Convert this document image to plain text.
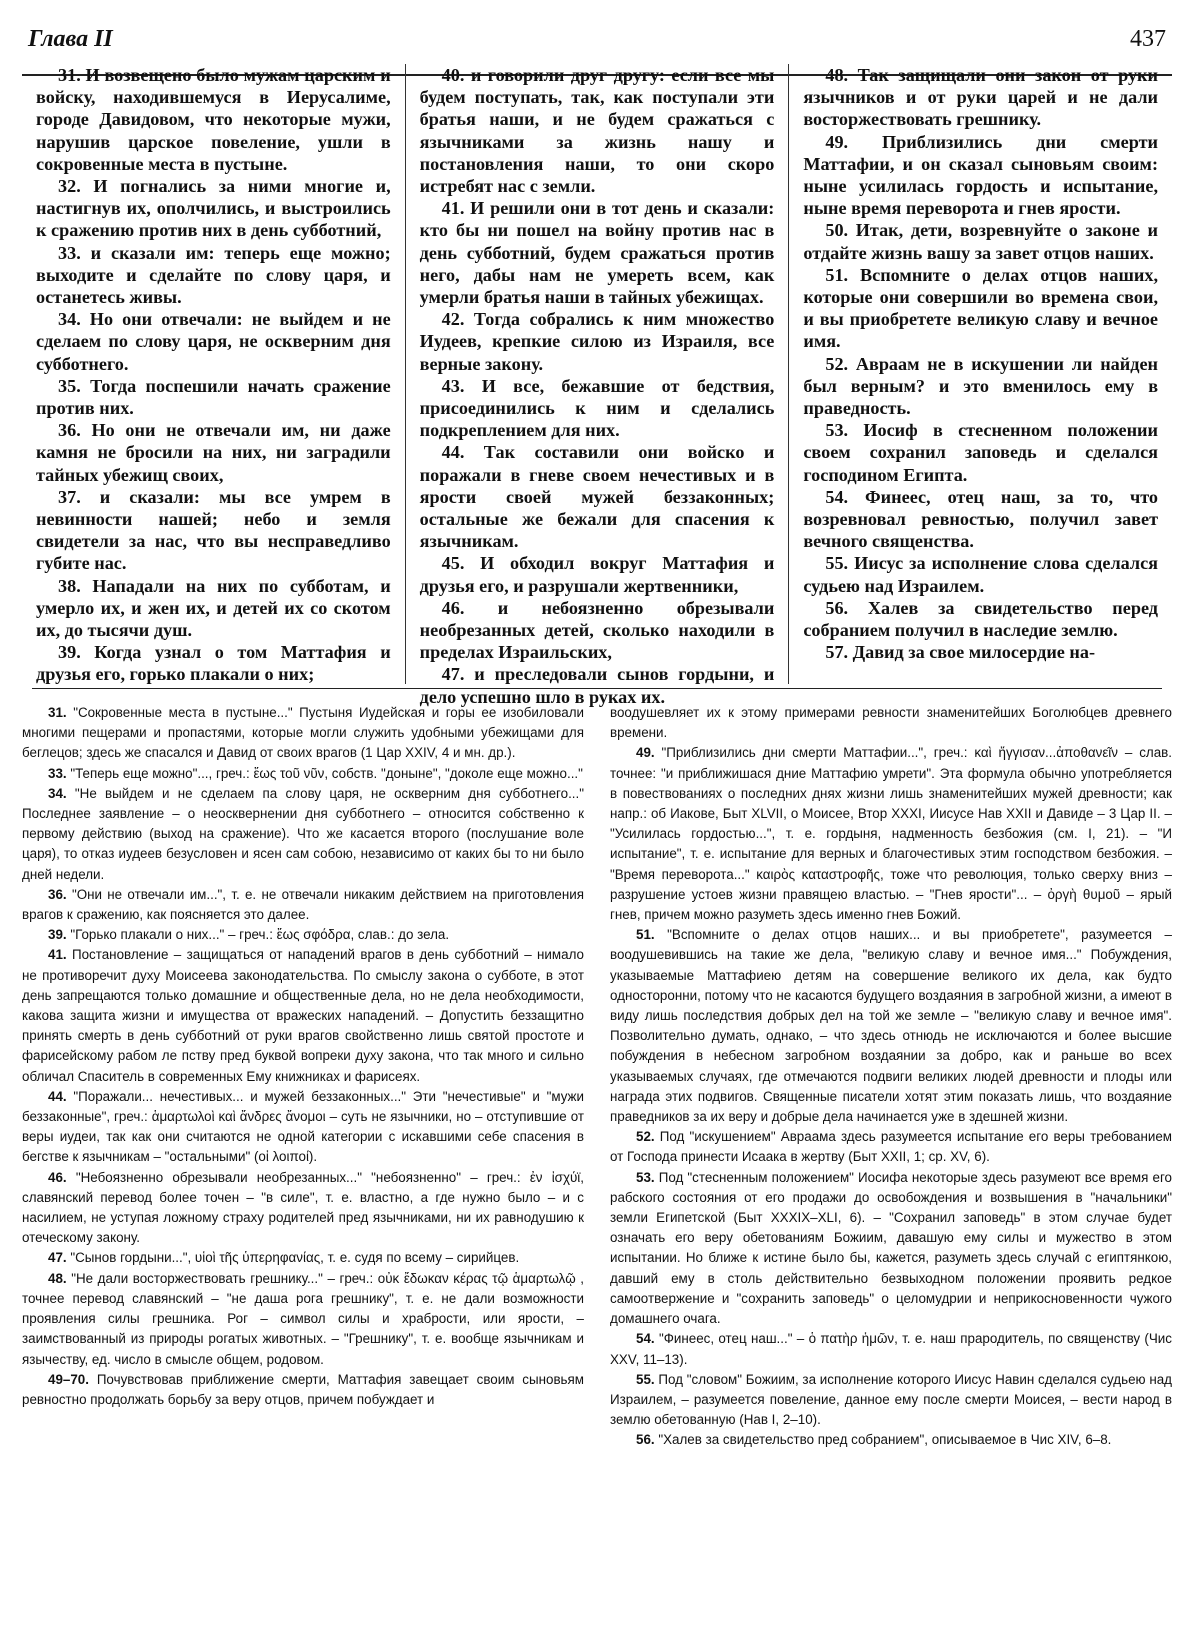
Глава II	437

31. И возвещено было мужам царским и войску, находившемуся в Иерусалиме, городе Давидовом, что некоторые мужи, нарушив царское повеление, ушли в сокровенные места в пустыне.

32. И погнались за ними многие и, настигнув их, ополчились, и выстроились к сражению против них в день субботний,

33. и сказали им: теперь еще можно; выходите и сделайте по слову царя, и останетесь живы.

34. Но они отвечали: не выйдем и не сделаем по слову царя, не оскверним дня субботнего.

35. Тогда поспешили начать сражение против них.

36. Но они не отвечали им, ни даже камня не бросили на них, ни заградили тайных убежищ своих,

37. и сказали: мы все умрем в невинности нашей; небо и земля свидетели за нас, что вы несправедливо губите нас.

38. Нападали на них по субботам, и умерло их, и жен их, и детей их со скотом их, до тысячи душ.

39. Когда узнал о том Маттафия и друзья его, горько плакали о них;

40. и говорили друг другу: если все мы будем поступать, так, как поступали эти братья наши, и не будем сражаться с язычниками за жизнь нашу и постановления наши, то они скоро истребят нас с земли.

41. И решили они в тот день и сказали: кто бы ни пошел на войну против нас в день субботний, будем сражаться против него, дабы нам не умереть всем, как умерли братья наши в тайных убежищах.

42. Тогда собрались к ним множество Иудеев, крепкие силою из Израиля, все верные закону.

43. И все, бежавшие от бедствия, присоединились к ним и сделались подкреплением для них.

44. Так составили они войско и поражали в гневе своем нечестивых и в ярости своей мужей беззаконных; остальные же бежали для спасения к язычникам.

45. И обходил вокруг Маттафия и друзья его, и разрушали жертвенники,

46. и небоязненно обрезывали необрезанных детей, сколько находили в пределах Израильских,

47. и преследовали сынов гордыни, и дело успешно шло в руках их.

48. Так защищали они закон от руки язычников и от руки царей и не дали восторжествовать грешнику.

49. Приблизились дни смерти Маттафии, и он сказал сыновьям своим: ныне усилилась гордость и испытание, ныне время переворота и гнев ярости.

50. Итак, дети, возревнуйте о законе и отдайте жизнь вашу за завет отцов наших.

51. Вспомните о делах отцов наших, которые они совершили во времена свои, и вы приобретете великую славу и вечное имя.

52. Авраам не в искушении ли найден был верным? и это вменилось ему в праведность.

53. Иосиф в стесненном положении своем сохранил заповедь и сделался господином Египта.

54. Финеес, отец наш, за то, что возревновал ревностью, получил завет вечного священства.

55. Иисус за исполнение слова сделался судьею над Израилем.

56. Халев за свидетельство перед собранием получил в наследие землю.

57. Давид за свое милосердие на-

31. "Сокровенные места в пустыне..." Пустыня Иудейская и горы ее изобиловали многими пещерами и пропастями, которые могли служить удобными убежищами для беглецов; здесь же спасался и Давид от своих врагов (1 Цар XXIV, 4 и мн. др.).

33. "Теперь еще можно"..., греч.: ἕως τοῦ νῦν, собств. "доныне", "доколе еще можно..."

34. "Не выйдем и не сделаем па слову царя, не оскверним дня субботнего..." Последнее заявление – о неосквернении дня субботнего – относится собственно к первому действию (выход на сражение). Что же касается второго (послушание воле царя), то отказ иудеев безусловен и ясен сам собою, независимо от каких бы то ни было дней недели.

36. "Они не отвечали им...", т. е. не отвечали никаким действием на приготовления врагов к сражению, как поясняется это далее.

39. "Горько плакали о них..." – греч.: ἕως σφόδρα, слав.: до зела.

41. Постановление – защищаться от нападений врагов в день субботний – нимало не противоречит духу Моисеева законодательства. По смыслу закона о субботе, в этот день запрещаются только домашние и общественные дела, но не дела необходимости, какова защита жизни и имущества от вражеских нападений. – Допустить беззащитно принять смерть в день субботний от руки врагов свойственно лишь святой простоте и фарисейскому рабом ле пству пред буквой вопреки духу закона, что так много и сильно обличал Спаситель в современных Ему книжниках и фарисеях.

44. "Поражали... нечестивых... и мужей беззаконных..." Эти "нечестивые" и "мужи беззаконные", греч.: ἁμαρτωλοὶ καὶ ἄνδρες ἄνομοι – суть не язычники, но – отступившие от веры иудеи, так как они считаются не одной категории с искавшими себе спасения в бегстве к язычникам – "остальными" (οἱ λοιποί).

46. "Небоязненно обрезывали необрезанных..." "небоязненно" – греч.: ἐν ἰσχύϊ, славянский перевод более точен – "в силе", т. е. властно, а где нужно было – и с насилием, не уступая ложному страху родителей пред язычниками, ни их равнодушию к отеческому закону.

47. "Сынов гордыни...", υἱοὶ τῆς ὑπερηφανίας, т. е. судя по всему – сирийцев.

48. "Не дали восторжествовать грешнику..." – греч.: οὐκ ἔδωκαν κέρας τῷ ἁμαρτωλῷ , точнее перевод славянский – "не даша рога грешнику", т. е. не дали возможности проявления силы грешника. Рог – символ силы и храбрости, или ярости, – заимствованный из природы рогатых животных. – "Грешнику", т. е. вообще язычникам и язычеству, ед. число в смысле общем, родовом.

49–70. Почувствовав приближение смерти, Маттафия завещает своим сыновьям ревностно продолжать борьбу за веру отцов, причем побуждает и

воодушевляет их к этому примерами ревности знаменитейших Боголюбцев древнего времени.

49. "Приблизились дни смерти Маттафии...", греч.: καὶ ἤγγισαν...ἀποθανεῖν – слав. точнее: "и приближишася дние Маттафию умрети". Эта формула обычно употребляется в повествованиях о последних днях жизни лишь знаменитейших мужей древности; как напр.: об Иакове, Быт XLVII, о Моисее, Втор XXXI, Иисусе Нав XXII и Давиде – 3 Цар II. – "Усилилась гордостью...", т. е. гордыня, надменность безбожия (см. I, 21). – "И испытание", т. е. испытание для верных и благочестивых этим господством безбожия. – "Время переворота..." καιρὸς καταστροφῆς, тоже что революция, только сверху вниз – разрушение устоев жизни правящею властью. – "Гнев ярости"... – ὀργὴ θυμοῦ – ярый гнев, причем можно разуметь здесь именно гнев Божий.

51. "Вспомните о делах отцов наших... и вы приобретете", разумеется – воодушевившись на такие же дела, "великую славу и вечное имя..." Побуждения, указываемые Маттафиею детям на совершение великого их дела, как будто односторонни, потому что не касаются будущего воздаяния в загробной жизни, а имеют в виду лишь последствия добрых дел на той же земле – "великую славу и вечное имя". Позволительно думать, однако, – что здесь отнюдь не исключаются и более высшие побуждения в небесном загробном воздаянии за добро, как и раньше во всех указываемых случаях, где отмечаются подвиги великих людей древности и плоды или награда этих подвигов. Священные писатели хотят этим показать лишь, что воздаяние праведников за их веру и добрые дела начинается уже в здешней жизни.

52. Под "искушением" Авраама здесь разумеется испытание его веры требованием от Господа принести Исаака в жертву (Быт XXII, 1; ср. XV, 6).

53. Под "стесненным положением" Иосифа некоторые здесь разумеют все время его рабского состояния от его продажи до освобождения и возвышения в "начальники" земли Египетской (Быт XXXIX–XLI, 6). – "Сохранил заповедь" в этом случае будет означать его веру обетованиям Божиим, давашую ему силы и мужество в этом испытании. Но ближе к истине было бы, кажется, разуметь здесь случай с египтянкою, давший ему в столь действительно безвыходном положении проявить редкое самоотвержение и "сохранить заповедь" о целомудрии и неприкосновенности чужого домашнего очага.

54. "Финеес, отец наш..." – ὁ πατὴρ ἡμῶν, т. е. наш прародитель, по священству (Чис XXV, 11–13).

55. Под "словом" Божиим, за исполнение которого Иисус Навин сделался судьею над Израилем, – разумеется повеление, данное ему после смерти Моисея, – вести народ в землю обетованную (Нав I, 2–10).

56. "Халев за свидетельство пред собранием", описываемое в Чис XIV, 6–8.
